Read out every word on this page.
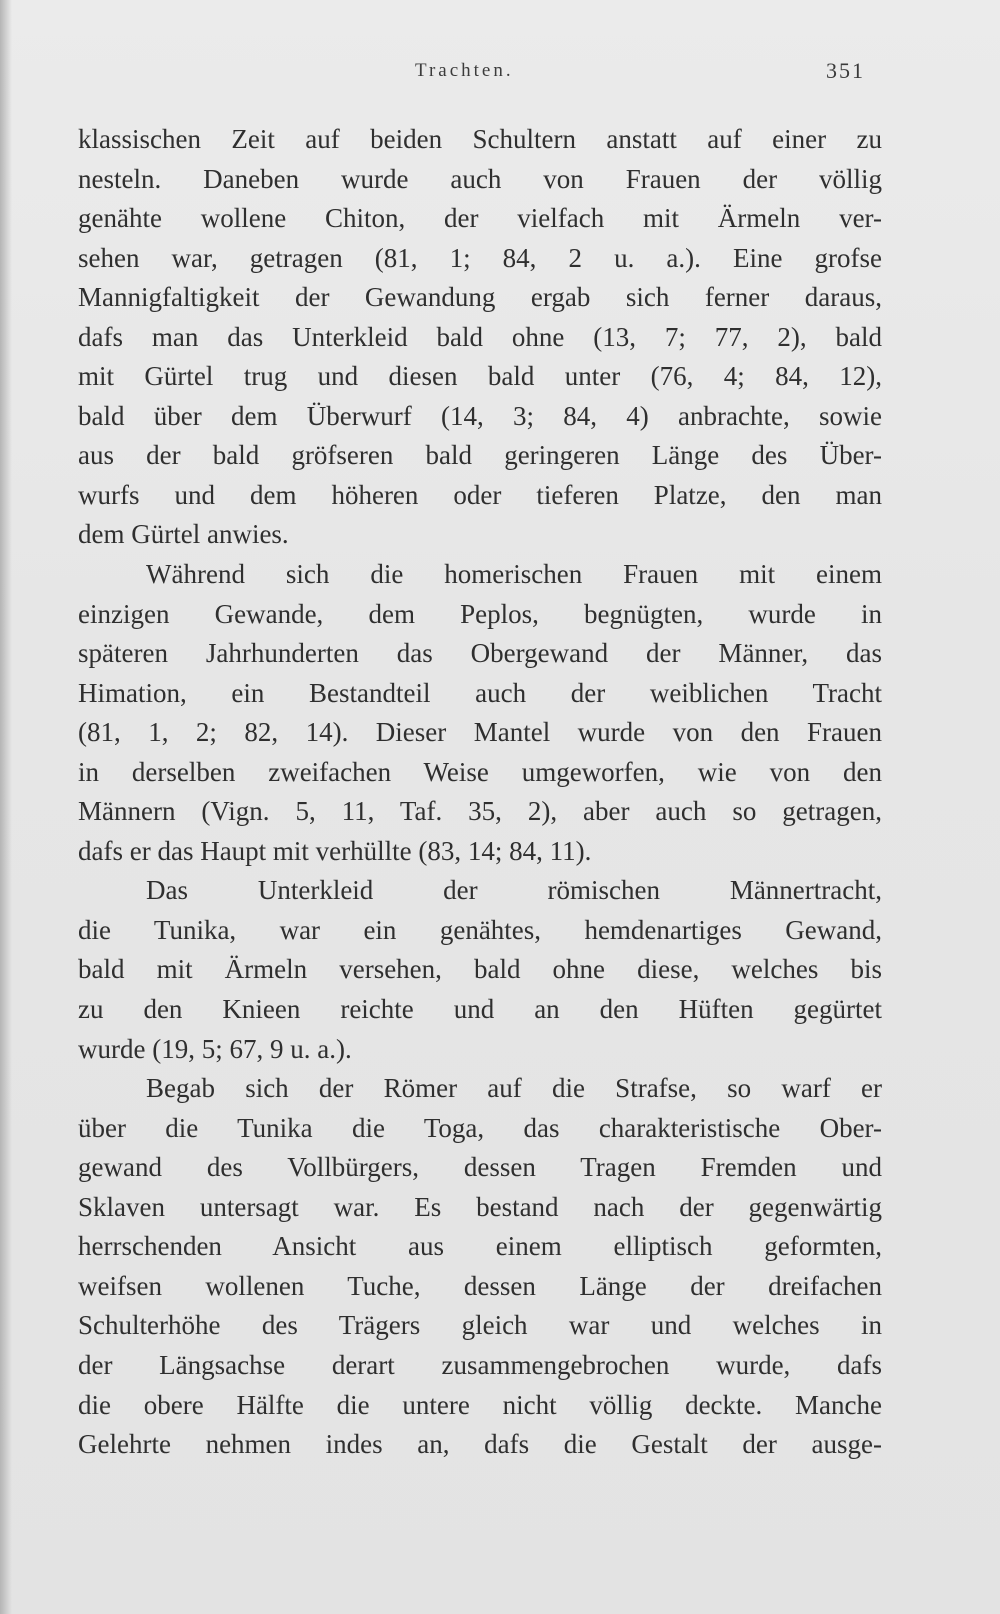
Trachten.	351
klassischen Zeit auf beiden Schultern anstatt auf einer zu
nesteln. Daneben wurde auch von Frauen der völlig
genähte wollene Chiton, der vielfach mit Ärmeln ver-
sehen war, getragen (81, 1; 84, 2 u. a.). Eine grofse
Mannigfaltigkeit der Gewandung ergab sich ferner daraus,
dafs man das Unterkleid bald ohne (13, 7; 77, 2), bald
mit Gürtel trug und diesen bald unter (76, 4; 84, 12),
bald über dem Überwurf (14, 3; 84, 4) anbrachte, sowie
aus der bald gröfseren bald geringeren Länge des Über-
wurfs und dem höheren oder tieferen Platze, den man
dem Gürtel anwies.
Während sich die homerischen Frauen mit einem
einzigen Gewande, dem Peplos, begnügten, wurde in
späteren Jahrhunderten das Obergewand der Männer, das
Himation, ein Bestandteil auch der weiblichen Tracht
(81, 1, 2; 82, 14). Dieser Mantel wurde von den Frauen
in derselben zweifachen Weise umgeworfen, wie von den
Männern (Vign. 5, 11, Taf. 35, 2), aber auch so getragen,
dafs er das Haupt mit verhüllte (83, 14; 84, 11).
Das Unterkleid der römischen Männertracht,
die Tunika, war ein genähtes, hemdenartiges Gewand,
bald mit Ärmeln versehen, bald ohne diese, welches bis
zu den Knieen reichte und an den Hüften gegürtet
wurde (19, 5; 67, 9 u. a.).
Begab sich der Römer auf die Strafse, so warf er
über die Tunika die Toga, das charakteristische Ober-
gewand des Vollbürgers, dessen Tragen Fremden und
Sklaven untersagt war. Es bestand nach der gegenwärtig
herrschenden Ansicht aus einem elliptisch geformten,
weifsen wollenen Tuche, dessen Länge der dreifachen
Schulterhöhe des Trägers gleich war und welches in
der Längsachse derart zusammengebrochen wurde, dafs
die obere Hälfte die untere nicht völlig deckte. Manche
Gelehrte nehmen indes an, dafs die Gestalt der ausge-
